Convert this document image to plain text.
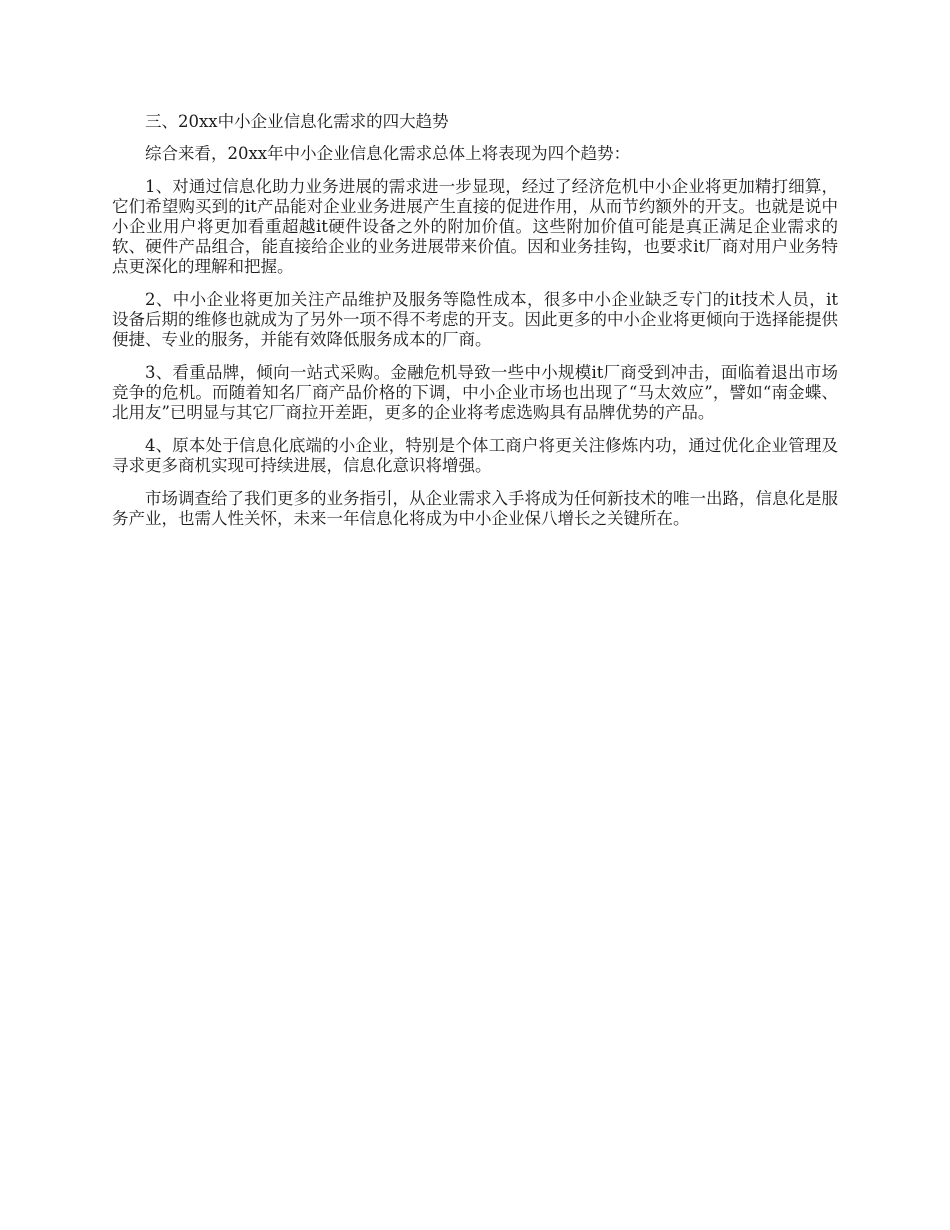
三、20xx中小企业信息化需求的四大趋势

综合来看，20xx年中小企业信息化需求总体上将表现为四个趋势：

1、对通过信息化助力业务进展的需求进一步显现，经过了经济危机中小企业将更加精打细算，它们希望购买到的it产品能对企业业务进展产生直接的促进作用，从而节约额外的开支。也就是说中小企业用户将更加看重超越it硬件设备之外的附加价值。这些附加价值可能是真正满足企业需求的软、硬件产品组合，能直接给企业的业务进展带来价值。因和业务挂钩，也要求it厂商对用户业务特点更深化的理解和把握。

2、中小企业将更加关注产品维护及服务等隐性成本，很多中小企业缺乏专门的it技术人员，it设备后期的维修也就成为了另外一项不得不考虑的开支。因此更多的中小企业将更倾向于选择能提供便捷、专业的服务，并能有效降低服务成本的厂商。

3、看重品牌，倾向一站式采购。金融危机导致一些中小规模it厂商受到冲击，面临着退出市场竞争的危机。而随着知名厂商产品价格的下调，中小企业市场也出现了“马太效应”，譬如“南金蝶、北用友”已明显与其它厂商拉开差距，更多的企业将考虑选购具有品牌优势的产品。

4、原本处于信息化底端的小企业，特别是个体工商户将更关注修炼内功，通过优化企业管理及寻求更多商机实现可持续进展，信息化意识将增强。

市场调查给了我们更多的业务指引，从企业需求入手将成为任何新技术的唯一出路，信息化是服务产业，也需人性关怀，未来一年信息化将成为中小企业保八增长之关键所在。
